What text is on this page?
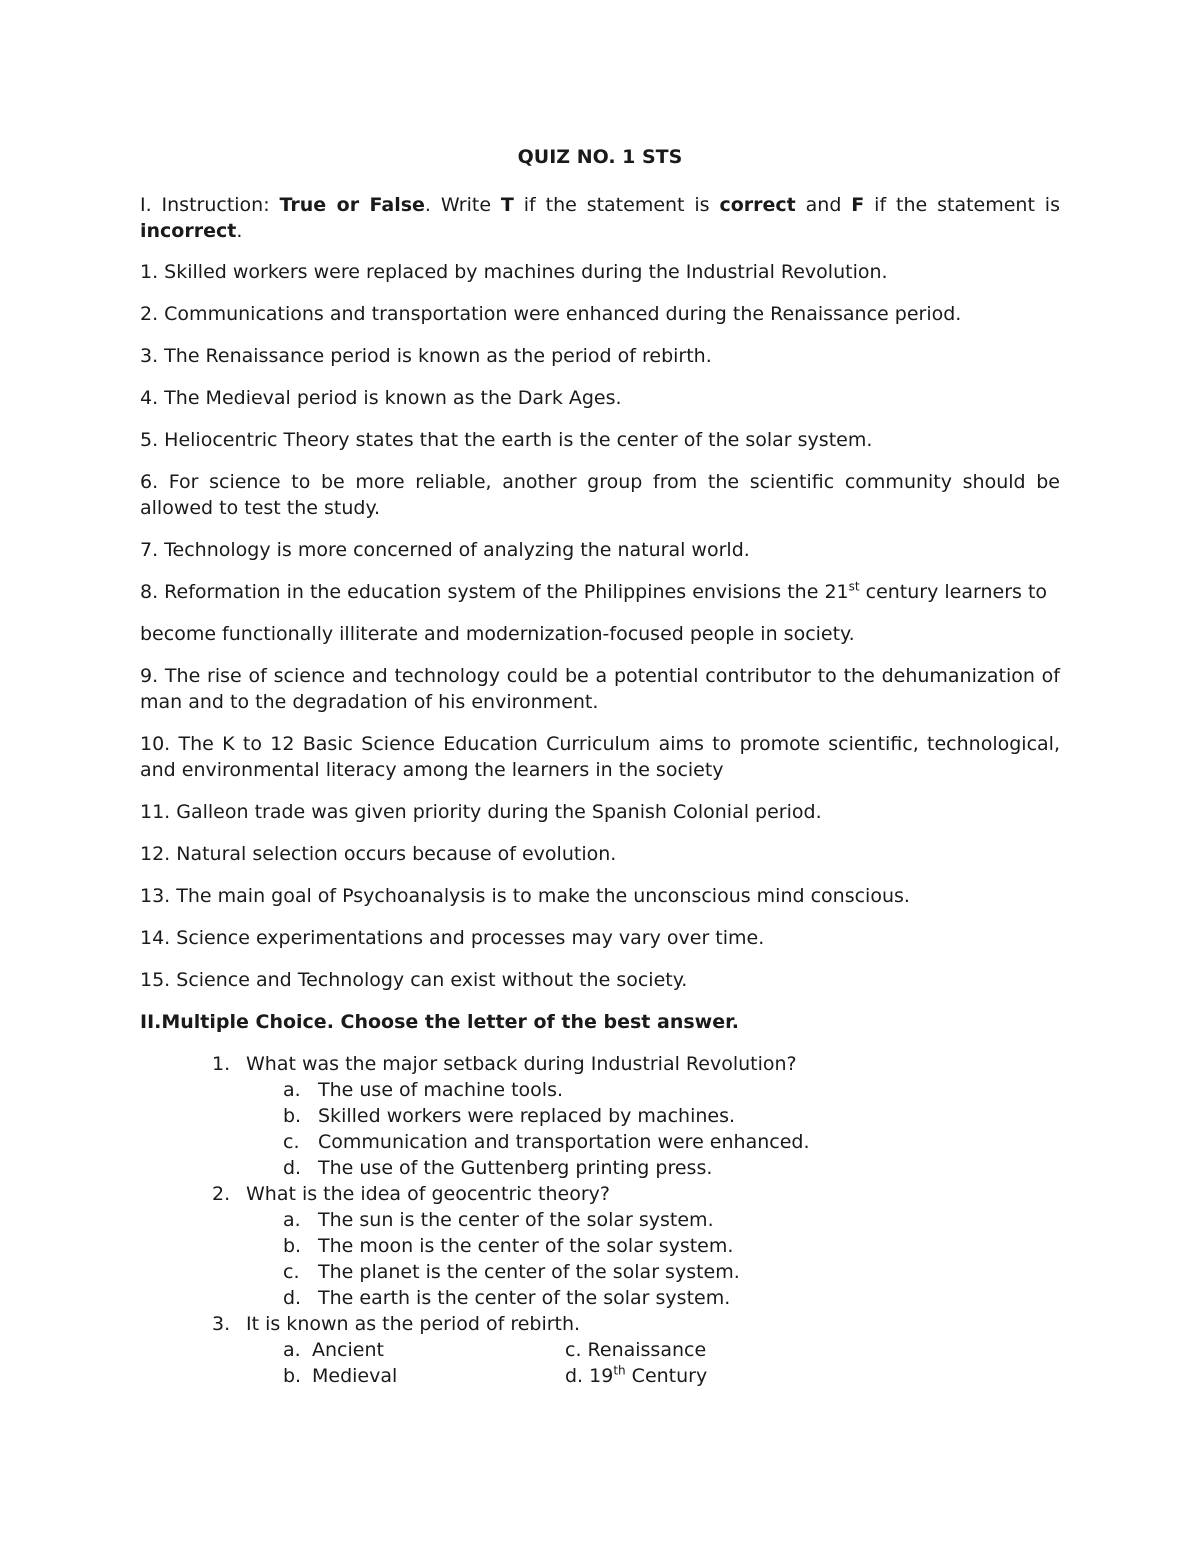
QUIZ NO. 1 STS

I. Instruction: True or False. Write T if the statement is correct and F if the statement is incorrect.

1. Skilled workers were replaced by machines during the Industrial Revolution.

2. Communications and transportation were enhanced during the Renaissance period.

3. The Renaissance period is known as the period of rebirth.

4. The Medieval period is known as the Dark Ages.

5. Heliocentric Theory states that the earth is the center of the solar system.

6. For science to be more reliable, another group from the scientific community should be allowed to test the study.

7. Technology is more concerned of analyzing the natural world.

8. Reformation in the education system of the Philippines envisions the 21st century learners to

become functionally illiterate and modernization-focused people in society.

9. The rise of science and technology could be a potential contributor to the dehumanization of man and to the degradation of his environment.

10. The K to 12 Basic Science Education Curriculum aims to promote scientific, technological, and environmental literacy among the learners in the society

11. Galleon trade was given priority during the Spanish Colonial period.

12. Natural selection occurs because of evolution.

13. The main goal of Psychoanalysis is to make the unconscious mind conscious.

14. Science experimentations and processes may vary over time.

15. Science and Technology can exist without the society.

II.Multiple Choice. Choose the letter of the best answer.

1. What was the major setback during Industrial Revolution?
a. The use of machine tools.
b. Skilled workers were replaced by machines.
c. Communication and transportation were enhanced.
d. The use of the Guttenberg printing press.
2. What is the idea of geocentric theory?
a. The sun is the center of the solar system.
b. The moon is the center of the solar system.
c. The planet is the center of the solar system.
d. The earth is the center of the solar system.
3. It is known as the period of rebirth.
a. Ancient	c. Renaissance
b. Medieval	d. 19th Century
